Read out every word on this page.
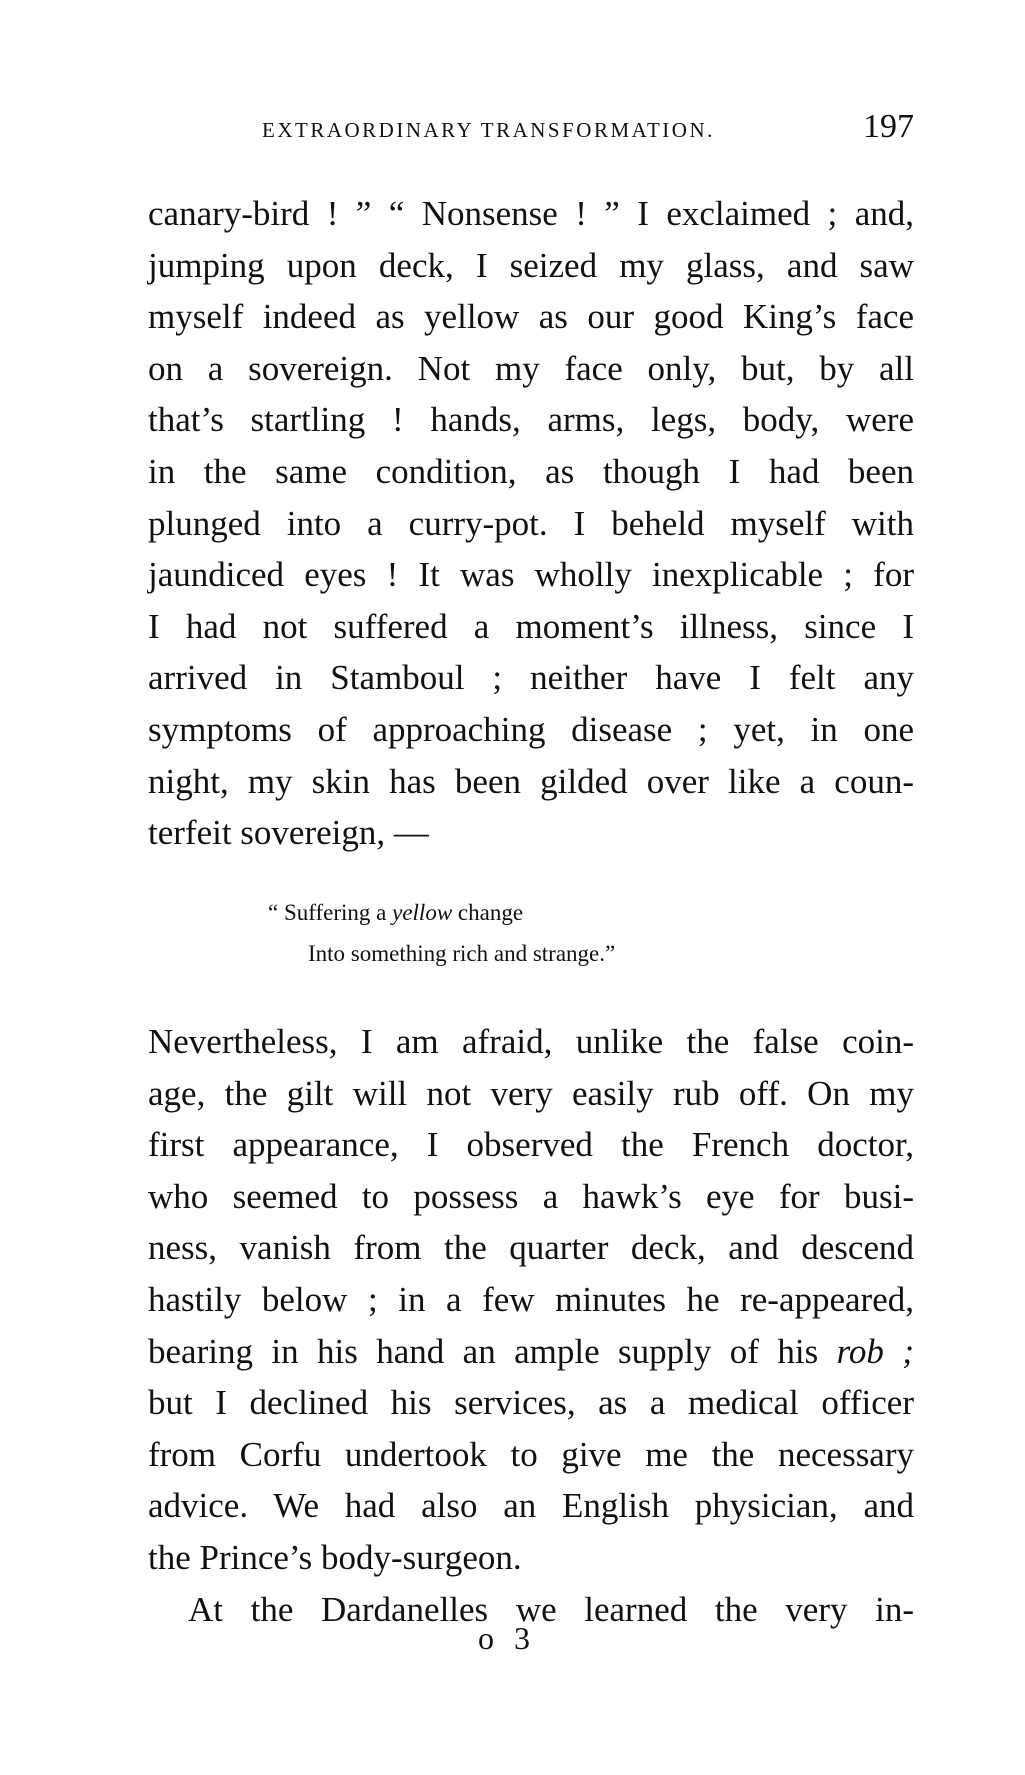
EXTRAORDINARY TRANSFORMATION.	197
canary-bird ! ” “ Nonsense ! ” I exclaimed ; and,
jumping upon deck, I seized my glass, and saw
myself indeed as yellow as our good King’s face
on a sovereign. Not my face only, but, by all
that’s startling ! hands, arms, legs, body, were
in the same condition, as though I had been
plunged into a curry-pot. I beheld myself with
jaundiced eyes ! It was wholly inexplicable ; for
I had not suffered a moment’s illness, since I
arrived in Stamboul ; neither have I felt any
symptoms of approaching disease ; yet, in one
night, my skin has been gilded over like a coun-
terfeit sovereign, —
“ Suffering a yellow change
Into something rich and strange.”
Nevertheless, I am afraid, unlike the false coin-
age, the gilt will not very easily rub off. On my
first appearance, I observed the French doctor,
who seemed to possess a hawk’s eye for busi-
ness, vanish from the quarter deck, and descend
hastily below ; in a few minutes he re-appeared,
bearing in his hand an ample supply of his rob ;
but I declined his services, as a medical officer
from Corfu undertook to give me the necessary
advice. We had also an English physician, and
the Prince’s body-surgeon.
At the Dardanelles we learned the very in-
o 3
